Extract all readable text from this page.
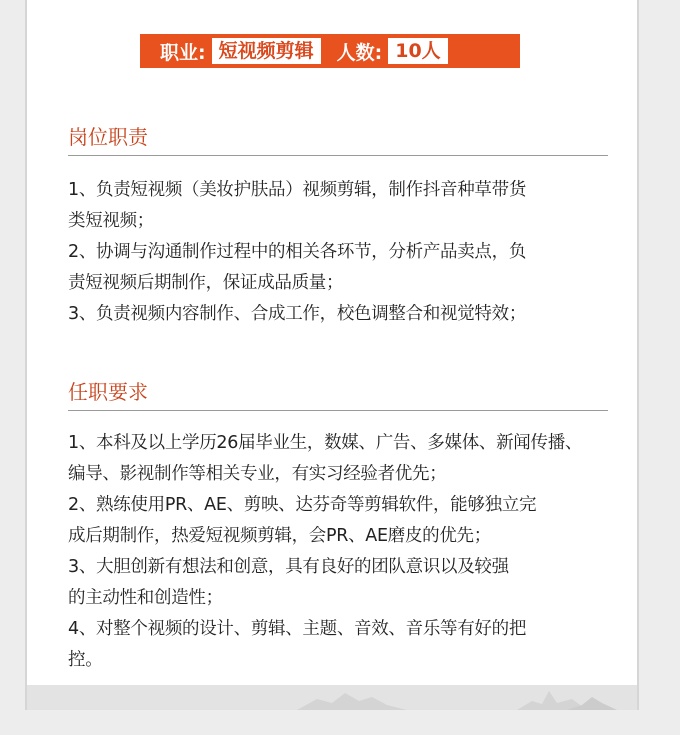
职业: 短视频剪辑	人数: 10人
岗位职责
1、负责短视频（美妆护肤品）视频剪辑，制作抖音种草带货
类短视频；
2、协调与沟通制作过程中的相关各环节，分析产品卖点，负
责短视频后期制作，保证成品质量；
3、负责视频内容制作、合成工作，校色调整合和视觉特效；
任职要求
1、本科及以上学历26届毕业生，数媒、广告、多媒体、新闻传播、
编导、影视制作等相关专业，有实习经验者优先；
2、熟练使用PR、AE、剪映、达芬奇等剪辑软件，能够独立完
成后期制作，热爱短视频剪辑，会PR、AE磨皮的优先；
3、大胆创新有想法和创意，具有良好的团队意识以及较强
的主动性和创造性；
4、对整个视频的设计、剪辑、主题、音效、音乐等有好的把
控。
